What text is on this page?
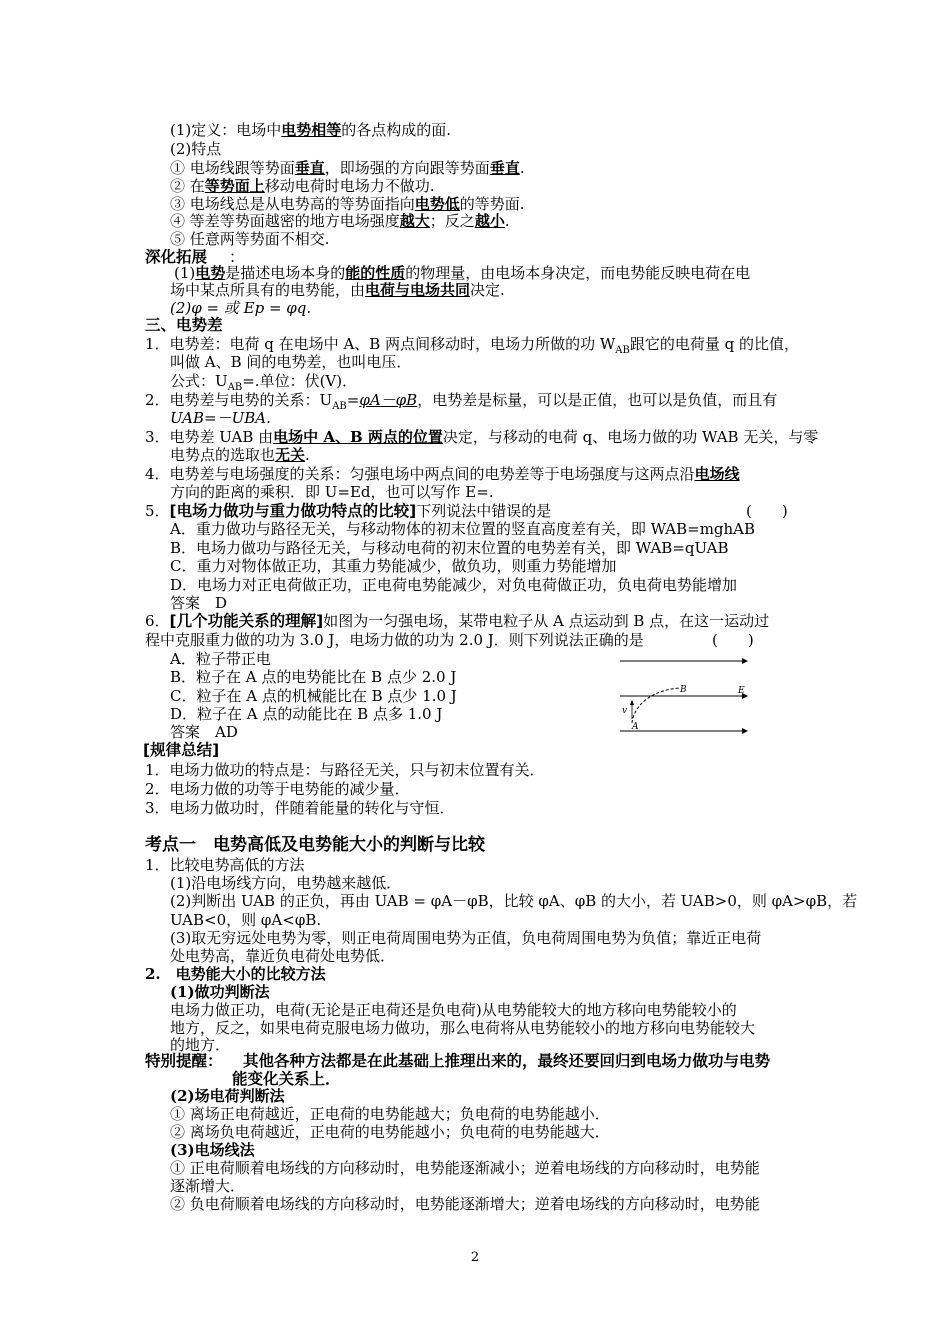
(1)定义：电场中电势相等的各点构成的面.
(2)特点
① 电场线跟等势面垂直，即场强的方向跟等势面垂直.
② 在等势面上移动电荷时电场力不做功.
③ 电场线总是从电势高的等势面指向电势低的等势面.
④ 等差等势面越密的地方电场强度越大；反之越小.
⑤ 任意两等势面不相交.
深化拓展 ：
(1)电势是描述电场本身的能的性质的物理量，由电场本身决定，而电势能反映电荷在电
场中某点所具有的电势能，由电荷与电场共同决定.
(2)φ = 或 Ep = φq.
三、电势差
1．电势差：电荷 q 在电场中 A、B 两点间移动时，电场力所做的功 $W_{AB}$跟它的电荷量 q 的比值，
叫做 A、B 间的电势差，也叫电压．
公式：$U_{AB}=$.单位：伏(V)．
2．电势差与电势的关系：$U_{AB}=\varphi A-\varphi B$，电势差是标量，可以是正值，也可以是负值，而且有
UAB=－UBA.
3．电势差 UAB 由电场中 A、B 两点的位置决定，与移动的电荷 q、电场力做的功 WAB 无关，与零
电势点的选取也无关.
4．电势差与电场强度的关系：匀强电场中两点间的电势差等于电场强度与这两点沿电场线
方向的距离的乘积．即 U=Ed，也可以写作 E=.
5．[电场力做功与重力做功特点的比较]下列说法中错误的是	(　　)
A．重力做功与路径无关，与移动物体的初末位置的竖直高度差有关，即 WAB=mghAB
B．电场力做功与路径无关，与移动电荷的初末位置的电势差有关，即 WAB=qUAB
C．重力对物体做正功，其重力势能减少，做负功，则重力势能增加
D．电场力对正电荷做正功，正电荷电势能减少，对负电荷做正功，负电荷电势能增加
答案　D
6．[几个功能关系的理解]如图为一匀强电场，某带电粒子从 A 点运动到 B 点，在这一运动过
程中克服重力做的功为 3.0 J，电场力做的功为 2.0 J．则下列说法正确的是	(　　)
A．粒子带正电
B．粒子在 A 点的电势能比在 B 点少 2.0 J
C．粒子在 A 点的机械能比在 B 点少 1.0 J
D．粒子在 A 点的动能比在 B 点多 1.0 J
答案　AD
B	E
v
A
[规律总结]
1．电场力做功的特点是：与路径无关，只与初末位置有关．
2．电场力做的功等于电势能的减少量．
3．电场力做功时，伴随着能量的转化与守恒．
考点一　电势高低及电势能大小的判断与比较
1．比较电势高低的方法
(1)沿电场线方向，电势越来越低．
(2)判断出 UAB 的正负，再由 UAB = φA－φB，比较 φA、φB 的大小，若 UAB>0，则 φA>φB，若
UAB<0，则 φA<φB.
(3)取无穷远处电势为零，则正电荷周围电势为正值，负电荷周围电势为负值；靠近正电荷
处电势高，靠近负电荷处电势低．
2.　电势能大小的比较方法
(1)做功判断法
电场力做正功，电荷(无论是正电荷还是负电荷)从电势能较大的地方移向电势能较小的
地方，反之，如果电荷克服电场力做功，那么电荷将从电势能较小的地方移向电势能较大
的地方．
特别提醒： 其他各种方法都是在此基础上推理出来的，最终还要回归到电场力做功与电势
能变化关系上．
(2)场电荷判断法
① 离场正电荷越近，正电荷的电势能越大；负电荷的电势能越小．
② 离场负电荷越近，正电荷的电势能越小；负电荷的电势能越大．
(3)电场线法
① 正电荷顺着电场线的方向移动时，电势能逐渐减小；逆着电场线的方向移动时，电势能
逐渐增大．
② 负电荷顺着电场线的方向移动时，电势能逐渐增大；逆着电场线的方向移动时，电势能
2
